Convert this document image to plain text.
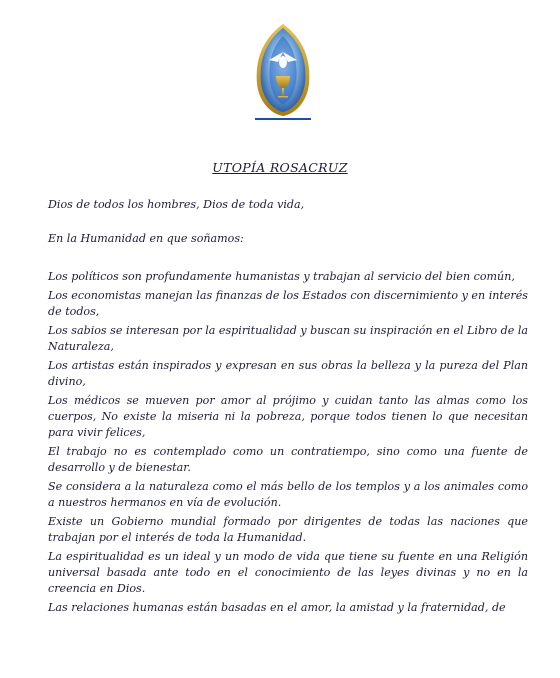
UTOPÍA ROSACRUZ

Dios de todos los hombres, Dios de toda vida,

En la Humanidad en que soñamos:

Los políticos son profundamente humanistas y trabajan al servicio del bien común,

Los economistas manejan las finanzas de los Estados con discernimiento y en interés de todos,

Los sabios se interesan por la espiritualidad y buscan su inspiración en el Libro de la Naturaleza,

Los artistas están inspirados y expresan en sus obras la belleza y la pureza del Plan divino,

Los médicos se mueven por amor al prójimo y cuidan tanto las almas como los cuerpos, No existe la miseria ni la pobreza, porque todos tienen lo que necesitan para vivir felices,

El trabajo no es contemplado como un contratiempo, sino como una fuente de desarrollo y de bienestar.

Se considera a la naturaleza como el más bello de los templos y a los animales como a nuestros hermanos en vía de evolución.

Existe un Gobierno mundial formado por dirigentes de todas las naciones que trabajan por el interés de toda la Humanidad.

La espiritualidad es un ideal y un modo de vida que tiene su fuente en una Religión universal basada ante todo en el conocimiento de las leyes divinas y no en la creencia en Dios.

Las relaciones humanas están basadas en el amor, la amistad y la fraternidad, de
